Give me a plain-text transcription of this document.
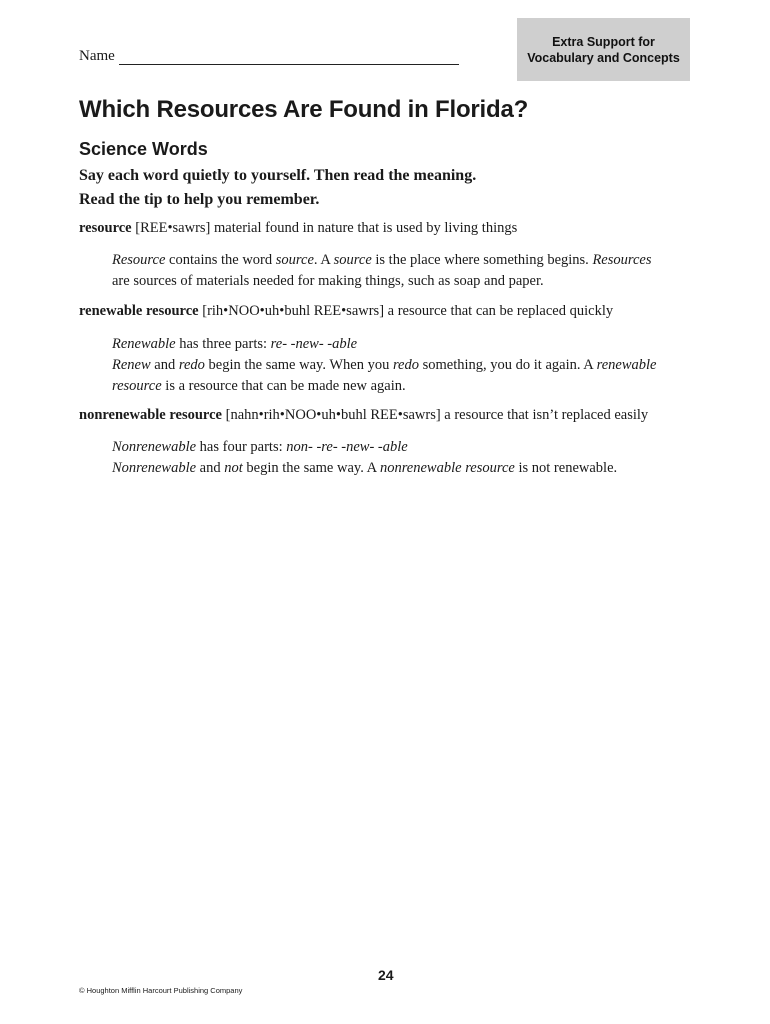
Extra Support for
Vocabulary and Concepts
Name
Which Resources Are Found in Florida?
Science Words
Say each word quietly to yourself. Then read the meaning.
Read the tip to help you remember.
resource [REE•sawrs] material found in nature that is used by living things
Resource contains the word source. A source is the place where something begins. Resources
are sources of materials needed for making things, such as soap and paper.
renewable resource [rih•NOO•uh•buhl REE•sawrs] a resource that can be replaced quickly
Renewable has three parts: re- -new- -able
Renew and redo begin the same way. When you redo something, you do it again. A renewable
resource is a resource that can be made new again.
nonrenewable resource [nahn•rih•NOO•uh•buhl REE•sawrs] a resource that isn’t replaced easily
Nonrenewable has four parts: non- -re- -new- -able
Nonrenewable and not begin the same way. A nonrenewable resource is not renewable.
24
© Houghton Mifflin Harcourt Publishing Company
